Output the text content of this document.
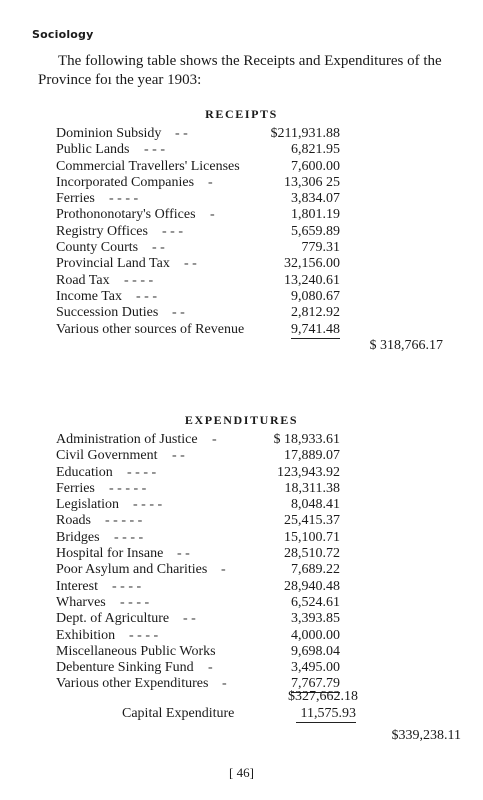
Sociology
The following table shows the Receipts and Expenditures of the Province foı the year 1903:
RECEIPTS
Dominion Subsidy - -	$211,931.88
Public Lands - - -	6,821.95
Commercial Travellers' Licenses	7,600.00
Incorporated Companies -	13,306 25
Ferries - - - -	3,834.07
Prothononotary's Offices -	1,801.19
Registry Offices - - -	5,659.89
County Courts - -	779.31
Provincial Land Tax - -	32,156.00
Road Tax - - - -	13,240.61
Income Tax - - -	9,080.67
Succession Duties - -	2,812.92
Various other sources of Revenue	9,741.48
$ 318,766.17
EXPENDITURES
Administration of Justice -	$ 18,933.61
Civil Government - -	17,889.07
Education - - - -	123,943.92
Ferries - - - - -	18,311.38
Legislation - - - -	8,048.41
Roads - - - - -	25,415.37
Bridges - - - -	15,100.71
Hospital for Insane - -	28,510.72
Poor Asylum and Charities -	7,689.22
Interest - - - -	28,940.48
Wharves - - - -	6,524.61
Dept. of Agriculture - -	3,393.85
Exhibition - - - -	4,000.00
Miscellaneous Public Works	9,698.04
Debenture Sinking Fund -	3,495.00
Various other Expenditures -	7,767.79
$327,662.18
Capital Expenditure	11,575.93
$339,238.11
[ 46]
